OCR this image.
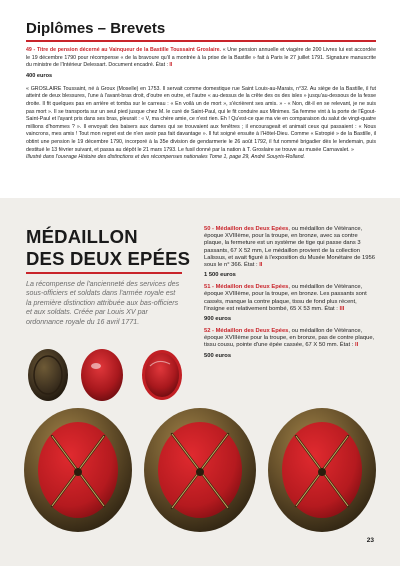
Diplômes – Brevets

49 - Titre de pension décerné au Vainqueur de la Bastille Toussaint Groslaire. « Une pension annuelle et viagère de 200 Livres lui est accordée le 19 décembre 1790 pour récompense « de la bravoure qu'il a montrée à la prise de la Bastille » fait à Paris le 27 juillet 1791. Signature manuscrite du ministre de l'Intérieur Delessart. Document encadré. État : II

400 euros

« GROSLAIRE Toussaint, né à Groux (Moselle) en 1753. Il servait comme domestique rue Saint Louis-au-Marais, n°32. Au siège de la Bastille, il fut atteint de deux blessures, l'une à l'avant-bras droit, d'outre en outre, et l'autre « au-dessus de la crête des os des isles » jusqu'au-dessous de la fesse droite. Il fit quelques pas en arrière et tomba sur le carreau : « En voilà un de mort », s'écrièrent ses amis. » - « Non, dit-il en se relevant, je ne suis pas mort ». Il se transporta sur un seul pied jusque chez M. le curé de Saint-Paul, qui le fit conduire aux Minimes. Sa femme vint à la porte de l'Égout-Saint-Paul et l'ayant pris dans ses bras, pleurait : « V, ma chère amie, ce n'est rien. Eh ! Qu'est-ce que ma vie en comparaison du salut de vingt-quatre millions d'hommes ? ». Il envoyait des baisers aux dames qui se trouvaient aux fenêtres ; il encourageait et animait ceux qui passaient : « Nous vaincrons, mes amis ! Tout mon regret est de n'en avoir pas fait davantage ». Il fut soigné ensuite à l'Hôtel-Dieu. Comme « Estropié » de la Bastille, il obtint une pension le 19 décembre 1790, incorporé à la 35e division de gendarmerie le 26 août 1792, il fut nommé brigadier dès le lendemain, puis destitué le 13 février suivant, et passa au dépôt le 21 mars 1793. Le fusil donné par la nation à T. Groslaire se trouve au musée Carnavalet. »

Illustré dans l'ouvrage Histoire des distinctions et des récompenses nationales Tome 1, page 29, André Souyris-Rolland.

MÉDAILLON
DES DEUX EPÉES

La récompense de l'ancienneté des services des sous-officiers et soldats dans l'armée royale est la première distinction attribuée aux bas-officiers et aux soldats. Créée par Louis XV par ordonnance royale du 16 avril 1771.

50 - Médaillon des Deux Epées, ou médaillon de Vétérance, époque XVIIIème, pour la troupe, en bronze, avec sa contre plaque, la fermeture est un système de tige qui passe dans 3 passants, 67 X 52 mm, Le médaillon provient de la collection Lalissus, et avait figuré à l'exposition du Musée Monétaire de 1956 sous le n° 366. État : II

1 500 euros

51 - Médaillon des Deux Epées, ou médaillon de Vétérance, époque XVIIIème, pour la troupe, en bronze. Les passants sont cassés, manque la contre plaque, tissu de fond plus récent, l'insigne est relativement bombé, 65 X 53 mm. État : III

900 euros

52 - Médaillon des Deux Epées, ou médaillon de Vétérance, époque XVIIIème pour la troupe, en bronze, pas de contre plaque, tissu cousu, pointe d'une épée cassée, 67 X 50 mm. État : II

500 euros
23
